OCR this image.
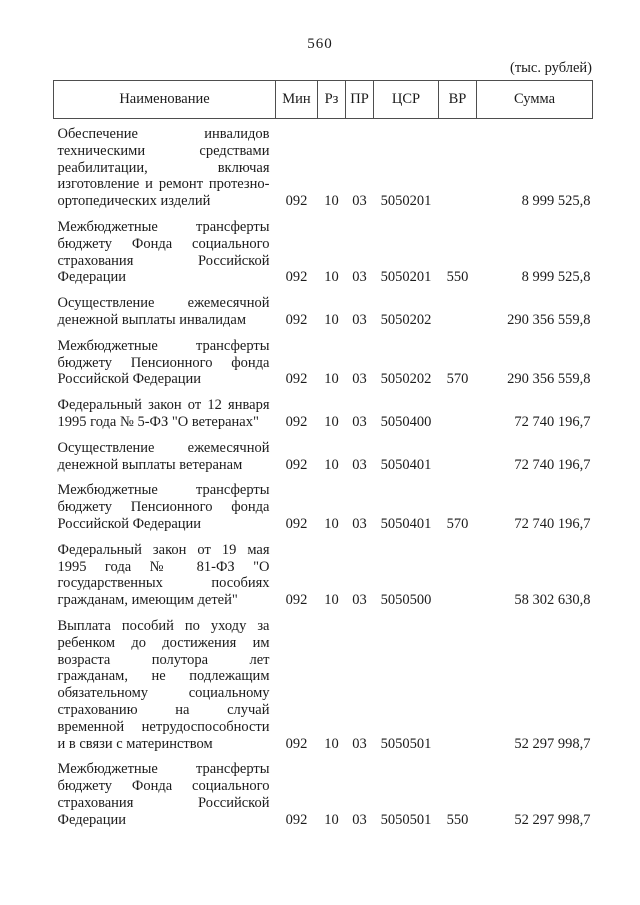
560
(тыс. рублей)
Наименование	Мин	Рз	ПР	ЦСР	ВР	Сумма

Обеспечение инвалидов
техническими средствами
реабилитации, включая
изготовление и ремонт протезно-
ортопедических изделий	092	10	03	5050201		8 999 525,8

Межбюджетные трансферты
бюджету Фонда социального
страхования Российской
Федерации	092	10	03	5050201	550	8 999 525,8

Осуществление ежемесячной
денежной выплаты инвалидам	092	10	03	5050202		290 356 559,8

Межбюджетные трансферты
бюджету Пенсионного фонда
Российской Федерации	092	10	03	5050202	570	290 356 559,8

Федеральный закон от 12 января
1995 года № 5-ФЗ "О ветеранах"	092	10	03	5050400		72 740 196,7

Осуществление ежемесячной
денежной выплаты ветеранам	092	10	03	5050401		72 740 196,7

Межбюджетные трансферты
бюджету Пенсионного фонда
Российской Федерации	092	10	03	5050401	570	72 740 196,7

Федеральный закон от 19 мая
1995 года № 81-ФЗ "О
государственных пособиях
гражданам, имеющим детей"	092	10	03	5050500		58 302 630,8

Выплата пособий по уходу за
ребенком до достижения им
возраста полутора лет
гражданам, не подлежащим
обязательному социальному
страхованию на случай
временной нетрудоспособности
и в связи с материнством	092	10	03	5050501		52 297 998,7

Межбюджетные трансферты
бюджету Фонда социального
страхования Российской
Федерации	092	10	03	5050501	550	52 297 998,7
